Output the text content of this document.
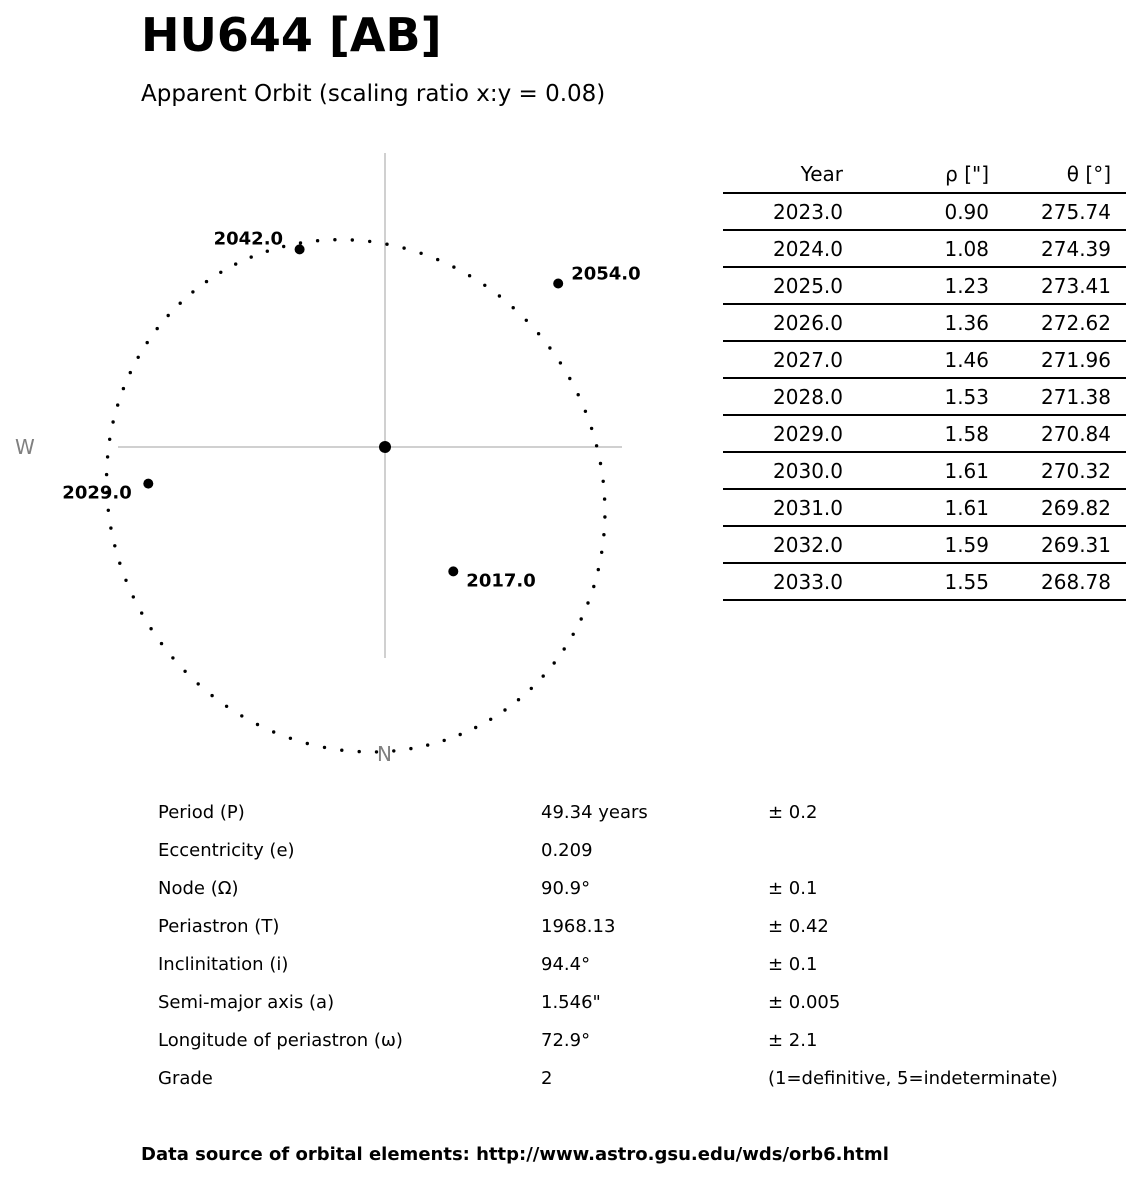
HU644 [AB]
Apparent Orbit (scaling ratio x:y = 0.08)
2042.0
2054.0
2029.0
2017.0
W
N
Year	ρ ["]	θ [°]
2023.0	0.90	275.74
2024.0	1.08	274.39
2025.0	1.23	273.41
2026.0	1.36	272.62
2027.0	1.46	271.96
2028.0	1.53	271.38
2029.0	1.58	270.84
2030.0	1.61	270.32
2031.0	1.61	269.82
2032.0	1.59	269.31
2033.0	1.55	268.78
Period (P)	49.34 years	± 0.2
Eccentricity (e)	0.209	
Node (Ω)	90.9°	± 0.1
Periastron (T)	1968.13	± 0.42
Inclinitation (i)	94.4°	± 0.1
Semi-major axis (a)	1.546"	± 0.005
Longitude of periastron (ω)	72.9°	± 2.1
Grade	2	(1=definitive, 5=indeterminate)
Data source of orbital elements: http://www.astro.gsu.edu/wds/orb6.html
